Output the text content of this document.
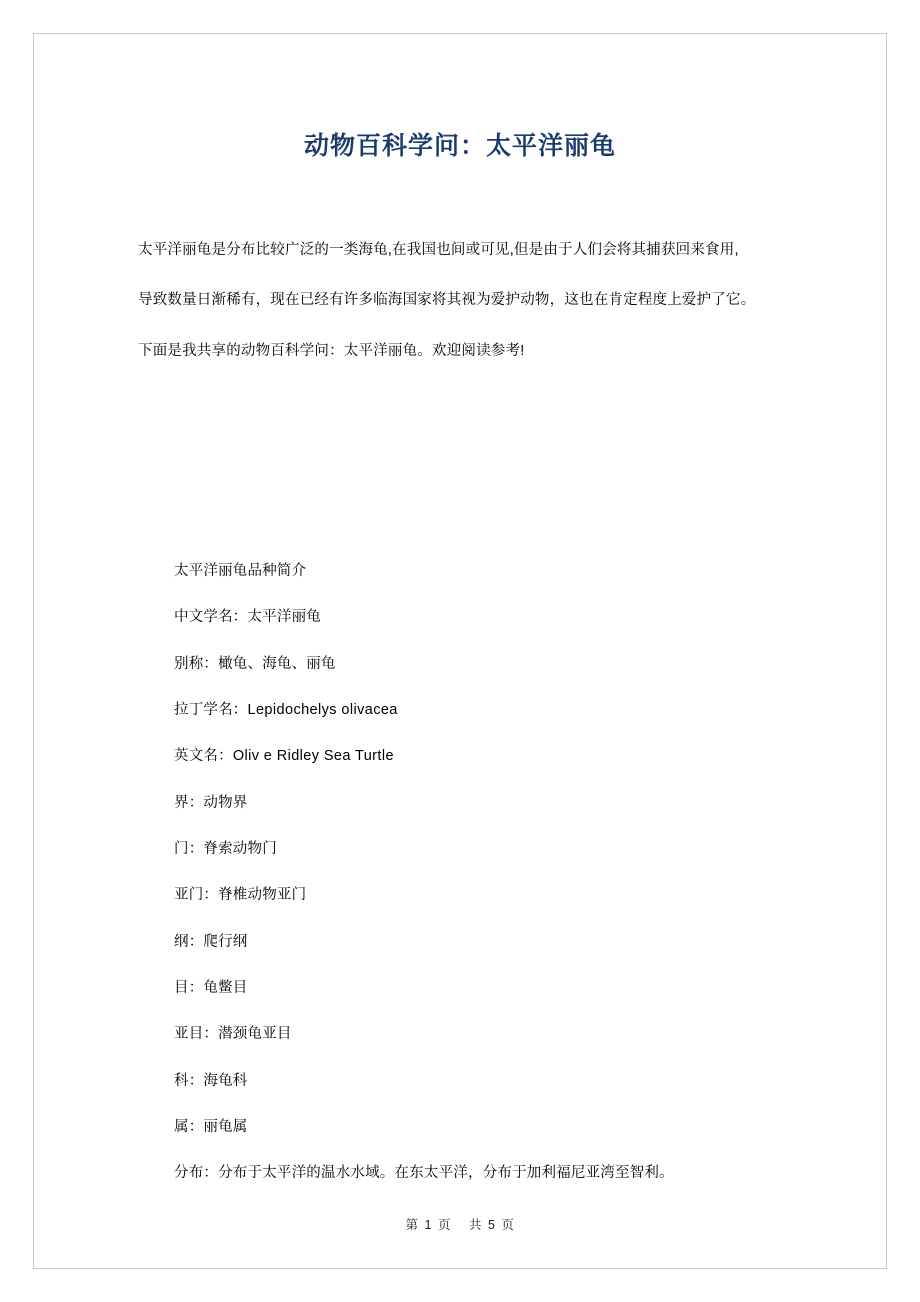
动物百科学问：太平洋丽龟

太平洋丽龟是分布比较广泛的一类海龟,在我国也间或可见,但是由于人们会将其捕获回来食用,

导致数量日渐稀有，现在已经有许多临海国家将其视为爱护动物，这也在肯定程度上爱护了它。

下面是我共享的动物百科学问：太平洋丽龟。欢迎阅读参考!

太平洋丽龟品种简介
中文学名：太平洋丽龟
别称：橄龟、海龟、丽龟
拉丁学名：Lepidochelys olivacea
英文名：Oliv e Ridley Sea Turtle
界：动物界
门：脊索动物门
亚门：脊椎动物亚门
纲：爬行纲
目：龟鳖目
亚目：潜颈龟亚目
科：海龟科
属：丽龟属
分布：分布于太平洋的温水水域。在东太平洋，分布于加利福尼亚湾至智利。
第 1 页 共 5 页
